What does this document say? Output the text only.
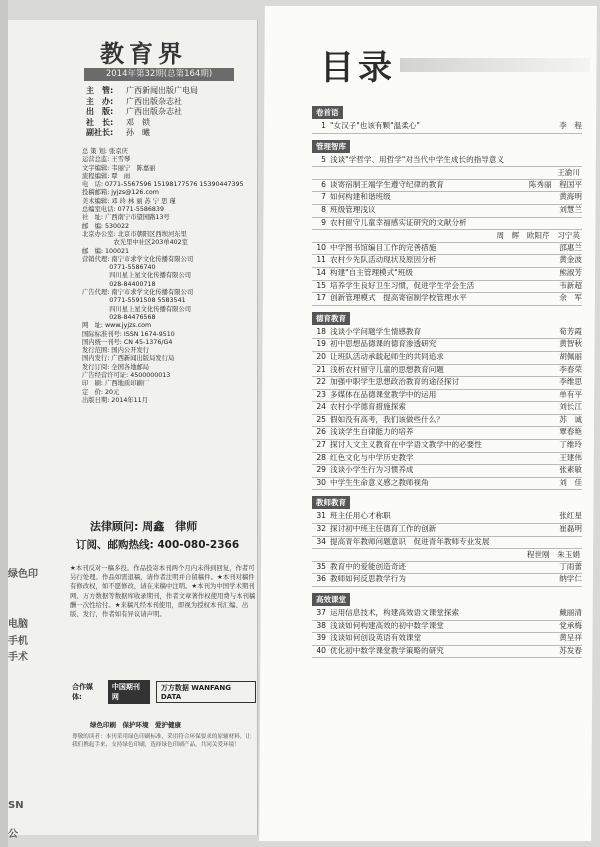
绿色印
电脑
手机
手术
SN
公
教育界
2014年第32期(总第164期)
主　管:	广西新闻出版广电局
主　办:	广西出版杂志社
出　版:	广西出版杂志社
社　长:	邓　锁
副社长:	孙　曦
总 策 划: 张京庆
运营总监: 王雪琴
文字编辑: 韦丽宁　陈嘉丽
流程编辑: 覃　雨
电　话: 0771-5567596 15198177576 15390447395
投稿邮箱: jyjzs@126.com
美术编辑: 邓 玲 林 丽 苏 宁 思 瑾
总编室电话: 0771-5586839
社　址: 广西南宁市望园路13号
邮　编: 530022
北京办公室: 北京市朝阳区西坝河东里
　　　　　农光里中社区203单402室
邮　编: 100021
营销代理: 南宁市求学文化传播有限公司
　　　　 0771-5586740
　　　　 四川星上星文化传播有限公司
　　　　 028-84400718
广告代理: 南宁市求学文化传播有限公司
　　　　 0771-5591508 5583541
　　　　 四川星上星文化传播有限公司
　　　　 028-84476568
网　址: www.jyjzs.com
国际标准刊号: ISSN 1674-9510
国内统一刊号: CN 45-1376/G4
发行范围: 国内公开发行
国内发行: 广西新闻出版局发行局
发行订阅: 全国各地邮局
广告经营许可证: 4500000013
印　刷: 广西地质印刷厂
定　价: 20元
出版日期: 2014年11月
法律顾问: 周鑫　律师
订阅、邮购热线: 400-080-2366
★本刊反对一稿多投。作品投寄本刊两个月内未得到回复，作者可另行处理。作品如需退稿，请作者注明并自留稿件。★本刊对稿件有修改权，如不愿修改，请在来稿中注明。★本刊为中国学术期刊网、万方数据等数据库收录期刊，作者文章著作权使用费与本刊稿酬一次性给付。★来稿凡经本刊使用，即视为授权本刊汇编、出版、发行，作者如有异议请声明。
合作媒体:
中国期刊网
万方数据 WANFANG DATA
绿色印刷　保护环境　爱护健康
尊敬的读者：本刊采用绿色印刷标准，采用符合环保要求的原辅材料，让我们携起手来，支持绿色印刷，选择绿色印刷产品，共同关爱环境！
目录
卷首语
1 "女汉子"也该有颗"温柔心"	李　程
管理智库
5 浅谈"学哲学、用哲学"对当代中学生成长的指导意义
王渝川
6 谈寄宿制王端学生遵守纪律的教育	陈秀丽　程国平
7 如何构建和谐班级	黄海明
8 班级管理浅议	刘慧兰
9 农村留守儿童幸福感实证研究的文献分析
周　辉　欧阳芹　习宁英
10 中学图书馆编目工作的完善措施	邵惠兰
11 农村少先队活动现状及原因分析	黄金波
14 构建"自主管理模式"班级	熊淑芳
15 培养学生良好卫生习惯，促进学生学会生活	韦新超
17 创新管理模式　提高寄宿制学校管理水平	余　军
德育教育
18 浅谈小学问题学生情感教育	荀芳霞
19 初中思想品德课的德育渗透研究	黄智秋
20 让班队活动承载起师生的共同追求	胡佩丽
21 浅析农村留守儿童的思想教育问题	李春荣
22 加强中职学生思想政治教育的途径探讨	李维思
23 多媒体在品德课堂教学中的运用	单有平
24 农村小学德育措施探索	刘长江
25 假如没有高考，我们该做些什么？	苏　诚
26 浅谈学生自律能力的培养	覃春艳
27 探讨人文主义教育在中学语文教学中的必要性	丁维玲
28 红色文化与中学历史教学	王建伟
29 浅谈小学生行为习惯养成	张素敏
30 中学生生命意义感之教师视角	刘　佳
教师教育
31 班主任用心才称职	张红星
32 探讨初中班主任德育工作的创新	崔磊明
34 提高青年教师问题意识　促进青年教师专业发展
程世刚　朱玉娟
35 教育中的爱能创造奇迹	丁雨蕾
36 教师如何反思教学行为	纳学仁
高效课堂
37 运用信息技术，构建高效语文课堂探索	戴丽清
38 浅谈如何构建高效的初中数学课堂	党承梅
39 浅谈如何创设英语有效课堂	黄呈祥
40 优化初中数学课堂教学策略的研究	苏发春
